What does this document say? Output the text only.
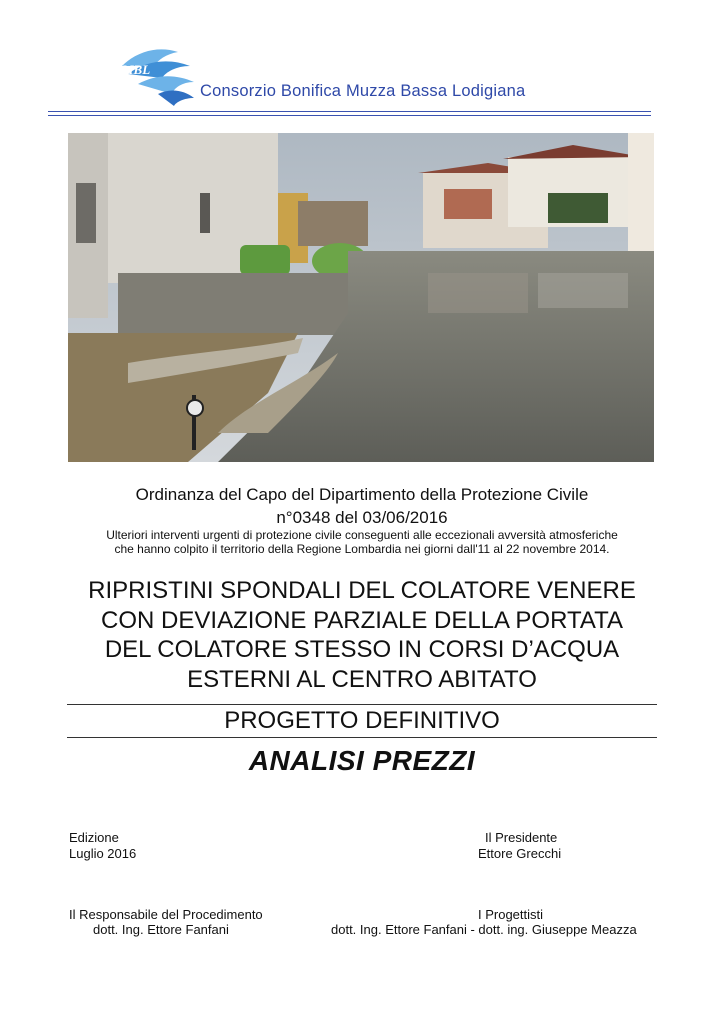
MBL
Consorzio Bonifica Muzza Bassa Lodigiana
Ordinanza del Capo del Dipartimento della Protezione Civile
n°0348 del 03/06/2016
Ulteriori interventi urgenti di protezione civile conseguenti alle eccezionali avversità atmosferiche
che hanno colpito il territorio della Regione Lombardia nei giorni dall'11 al 22 novembre 2014.
RIPRISTINI SPONDALI DEL COLATORE VENERE
CON DEVIAZIONE PARZIALE DELLA PORTATA
DEL COLATORE STESSO IN CORSI D’ACQUA
ESTERNI AL CENTRO ABITATO
PROGETTO DEFINITIVO
ANALISI PREZZI
Edizione
Luglio 2016
Il Presidente
Ettore Grecchi
Il Responsabile del Procedimento
dott. Ing. Ettore Fanfani
I Progettisti
dott. Ing. Ettore Fanfani - dott. ing. Giuseppe Meazza
